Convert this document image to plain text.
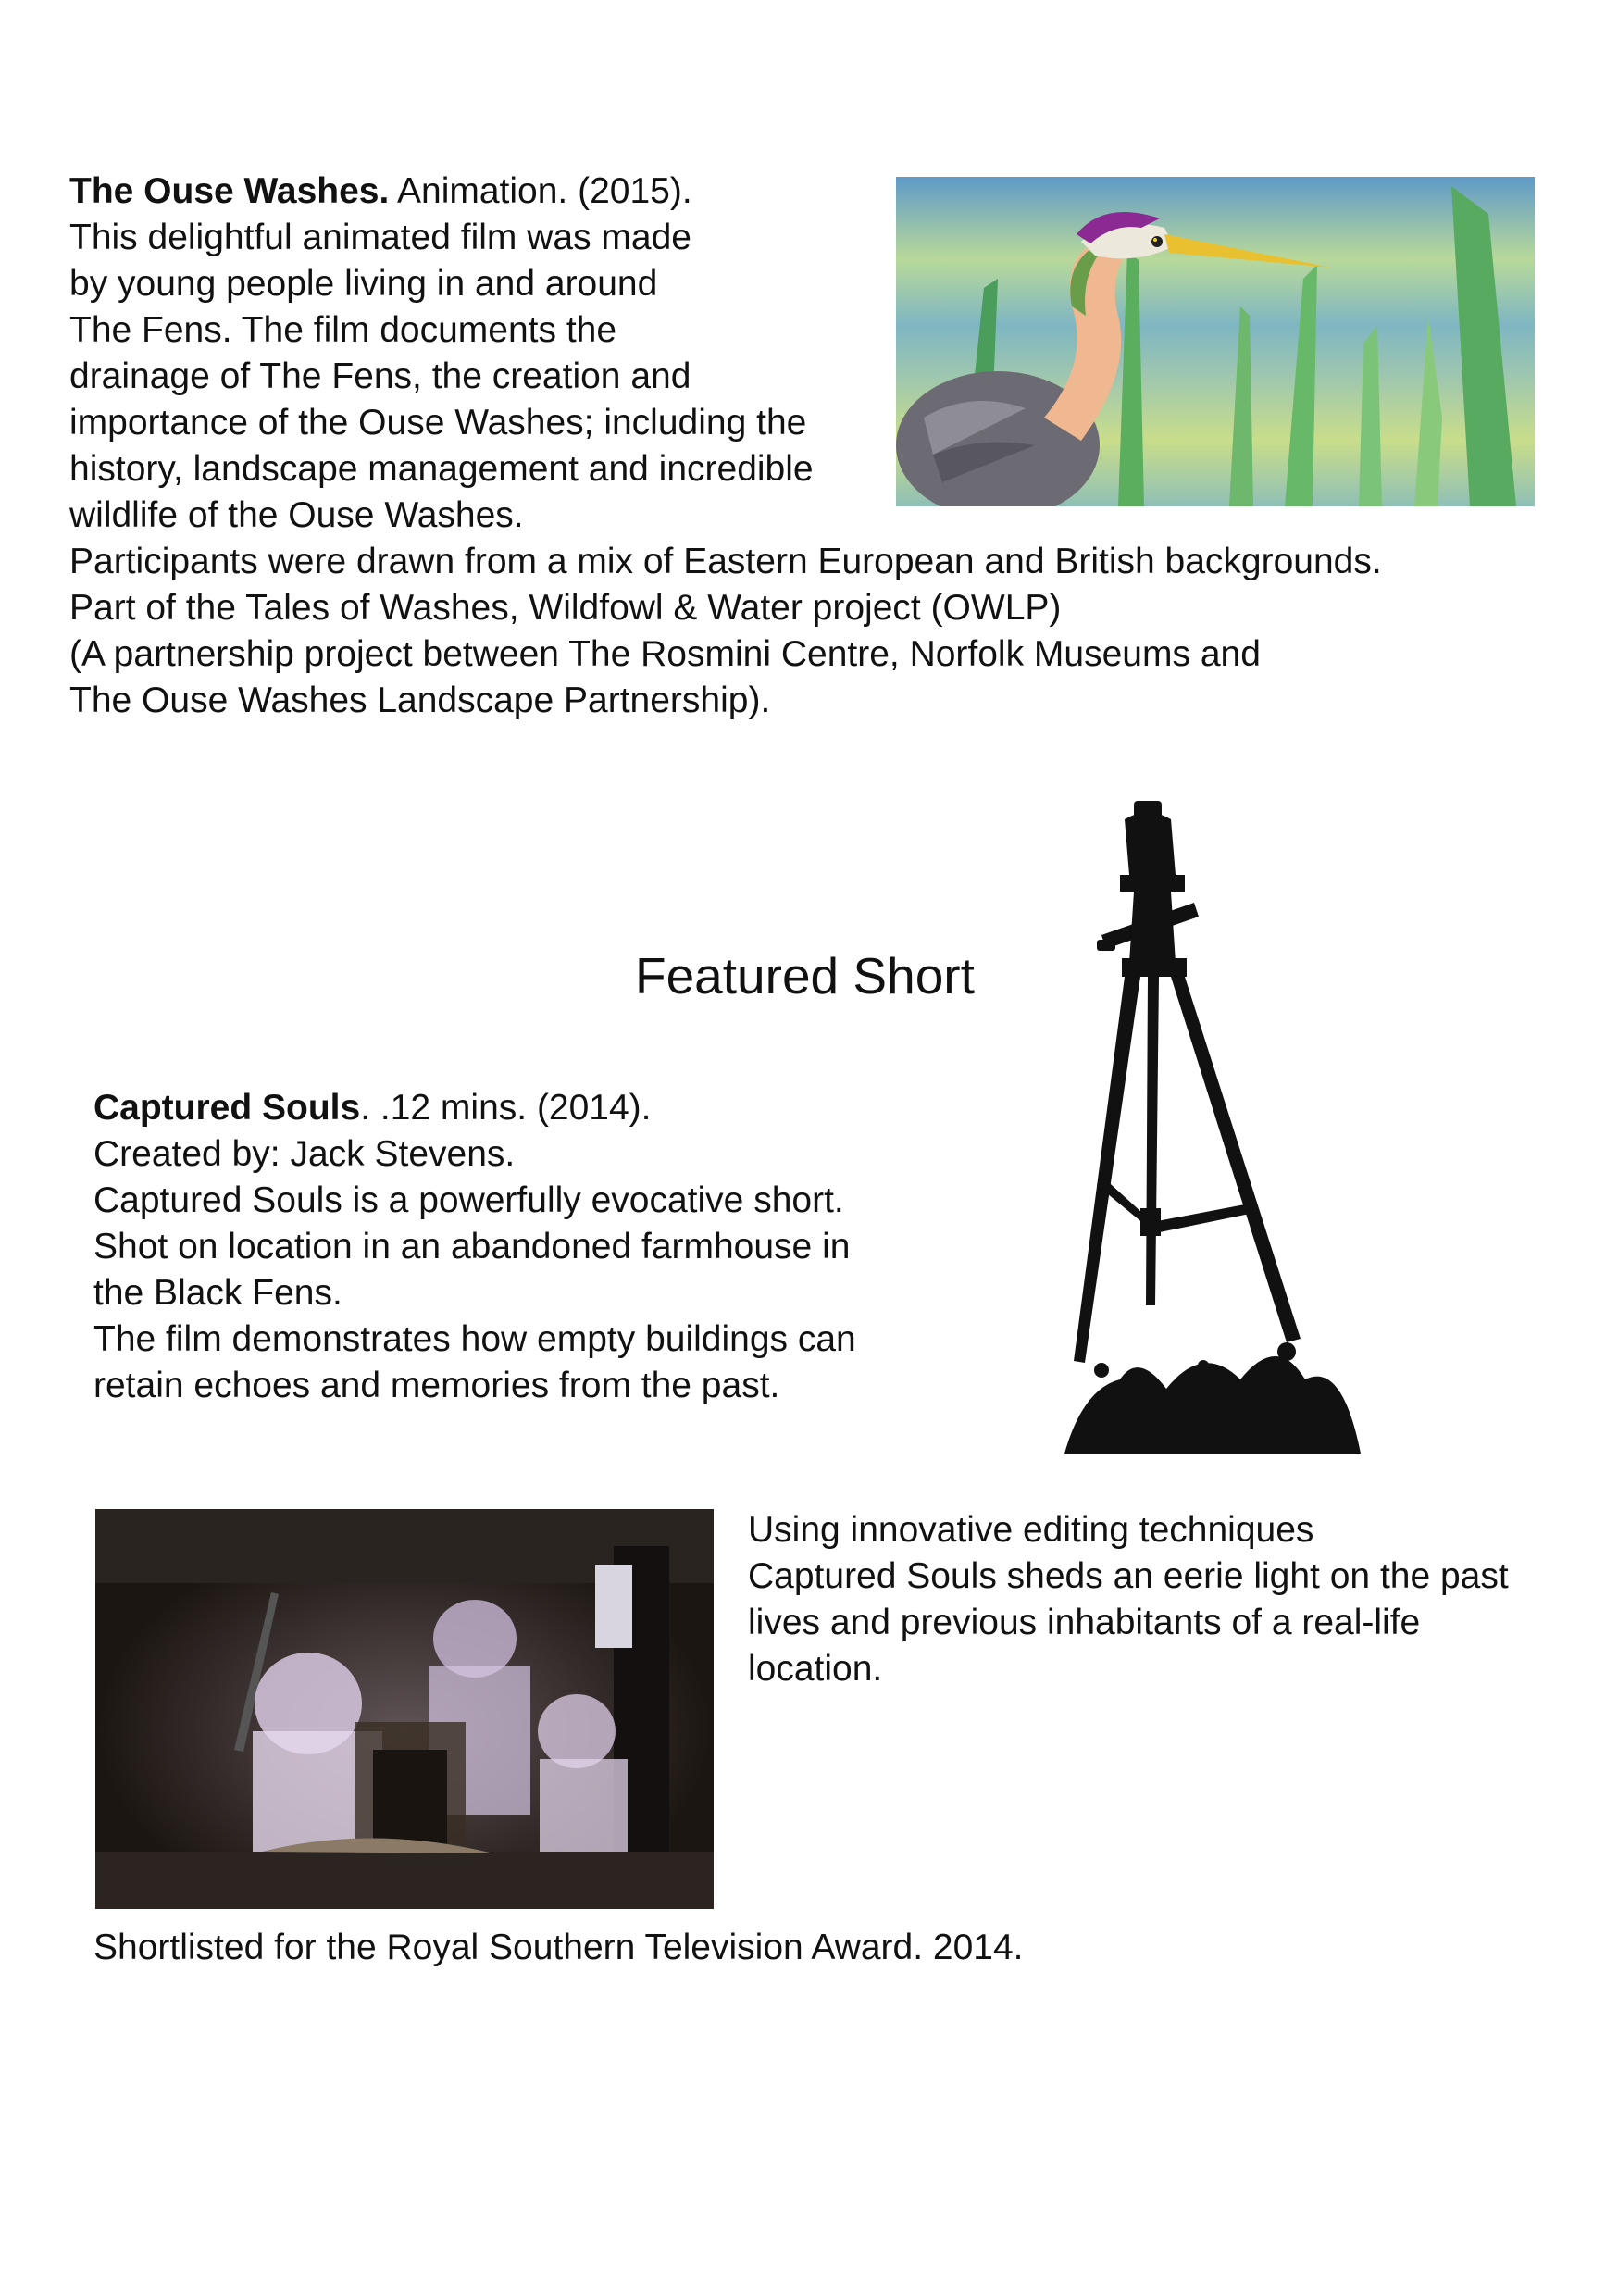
The Ouse Washes. Animation. (2015).
This delightful animated film was made
by young people living in and around
The Fens. The film documents the
drainage of The Fens, the creation and
importance of the Ouse Washes; including the
history, landscape management and incredible
wildlife of the Ouse Washes.
Participants were drawn from a mix of Eastern European and British backgrounds.
Part of the Tales of Washes, Wildfowl & Water project (OWLP)
(A partnership project between The Rosmini Centre, Norfolk Museums and
The Ouse Washes Landscape Partnership).
Featured Short
Captured Souls. .12 mins. (2014).
Created by: Jack Stevens.
Captured Souls is a powerfully evocative short.
Shot on location in an abandoned farmhouse in
the Black Fens.
The film demonstrates how empty buildings can
retain echoes and memories from the past.
Using innovative editing techniques
Captured Souls sheds an eerie light on the past
lives and previous inhabitants of a real-life
location.
Shortlisted for the Royal Southern Television Award. 2014.
